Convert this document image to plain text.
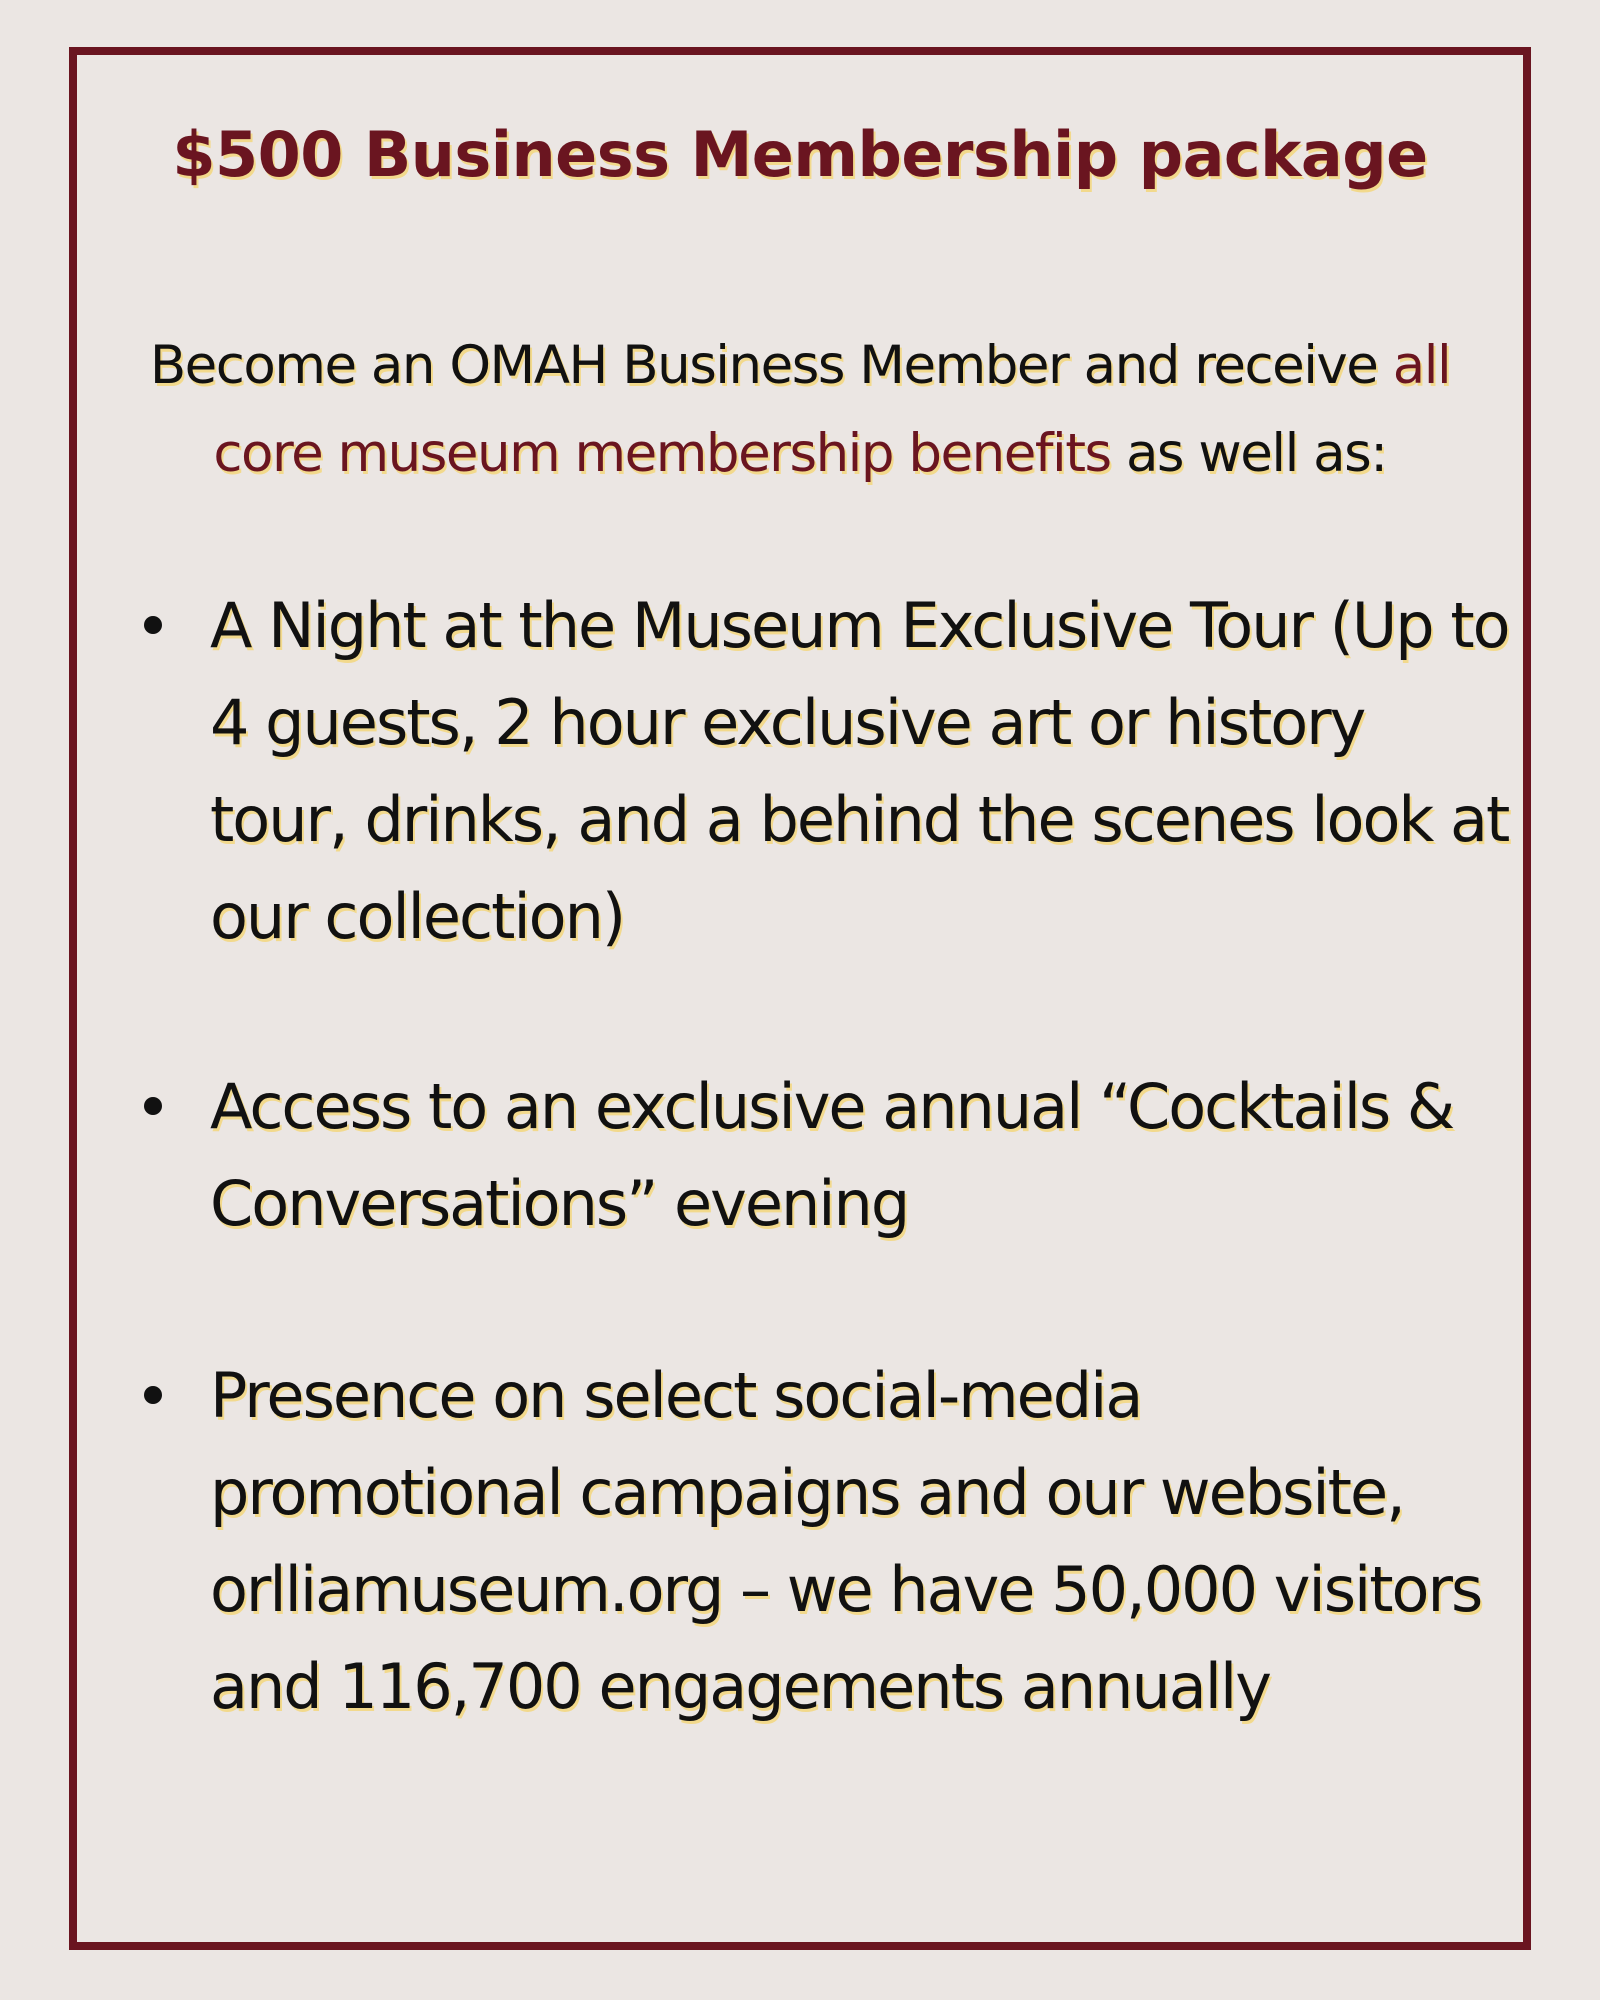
$500 Business Membership package
Become an OMAH Business Member and receive all core museum membership benefits as well as:
A Night at the Museum Exclusive Tour (Up to 4 guests, 2 hour exclusive art or history tour, drinks, and a behind the scenes look at our collection)
Access to an exclusive annual “Cocktails & Conversations” evening
Presence on select social-media promotional campaigns and our website, orlliamuseum.org – we have 50,000 visitors and 116,700 engagements annually
